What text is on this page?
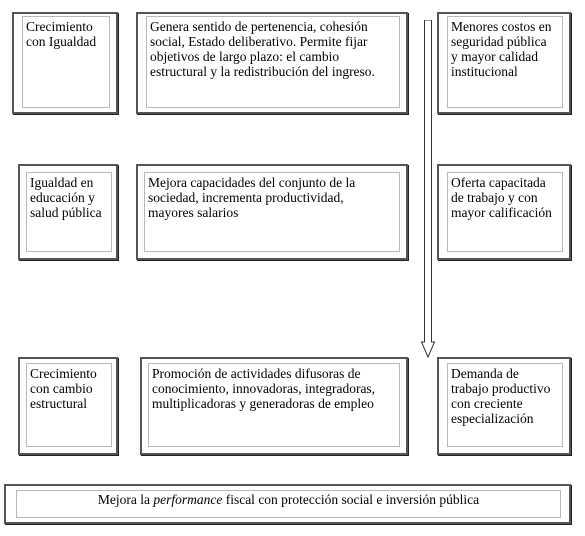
Crecimiento
con Igualdad
Genera sentido de pertenencia, cohesión
social, Estado deliberativo. Permite fijar
objetivos de largo plazo: el cambio
estructural y la redistribución del ingreso.
Menores costos en
seguridad pública
y mayor calidad
institucional
Igualdad en
educación y
salud pública
Mejora capacidades del conjunto de la
sociedad, incrementa productividad,
mayores salarios
Oferta capacitada
de trabajo y con
mayor calificación
Crecimiento
con cambio
estructural
Promoción de actividades difusoras de
conocimiento, innovadoras, integradoras,
multiplicadoras y generadoras de empleo
Demanda de
trabajo productivo
con creciente
especialización
Mejora la performance fiscal con protección social e inversión pública
